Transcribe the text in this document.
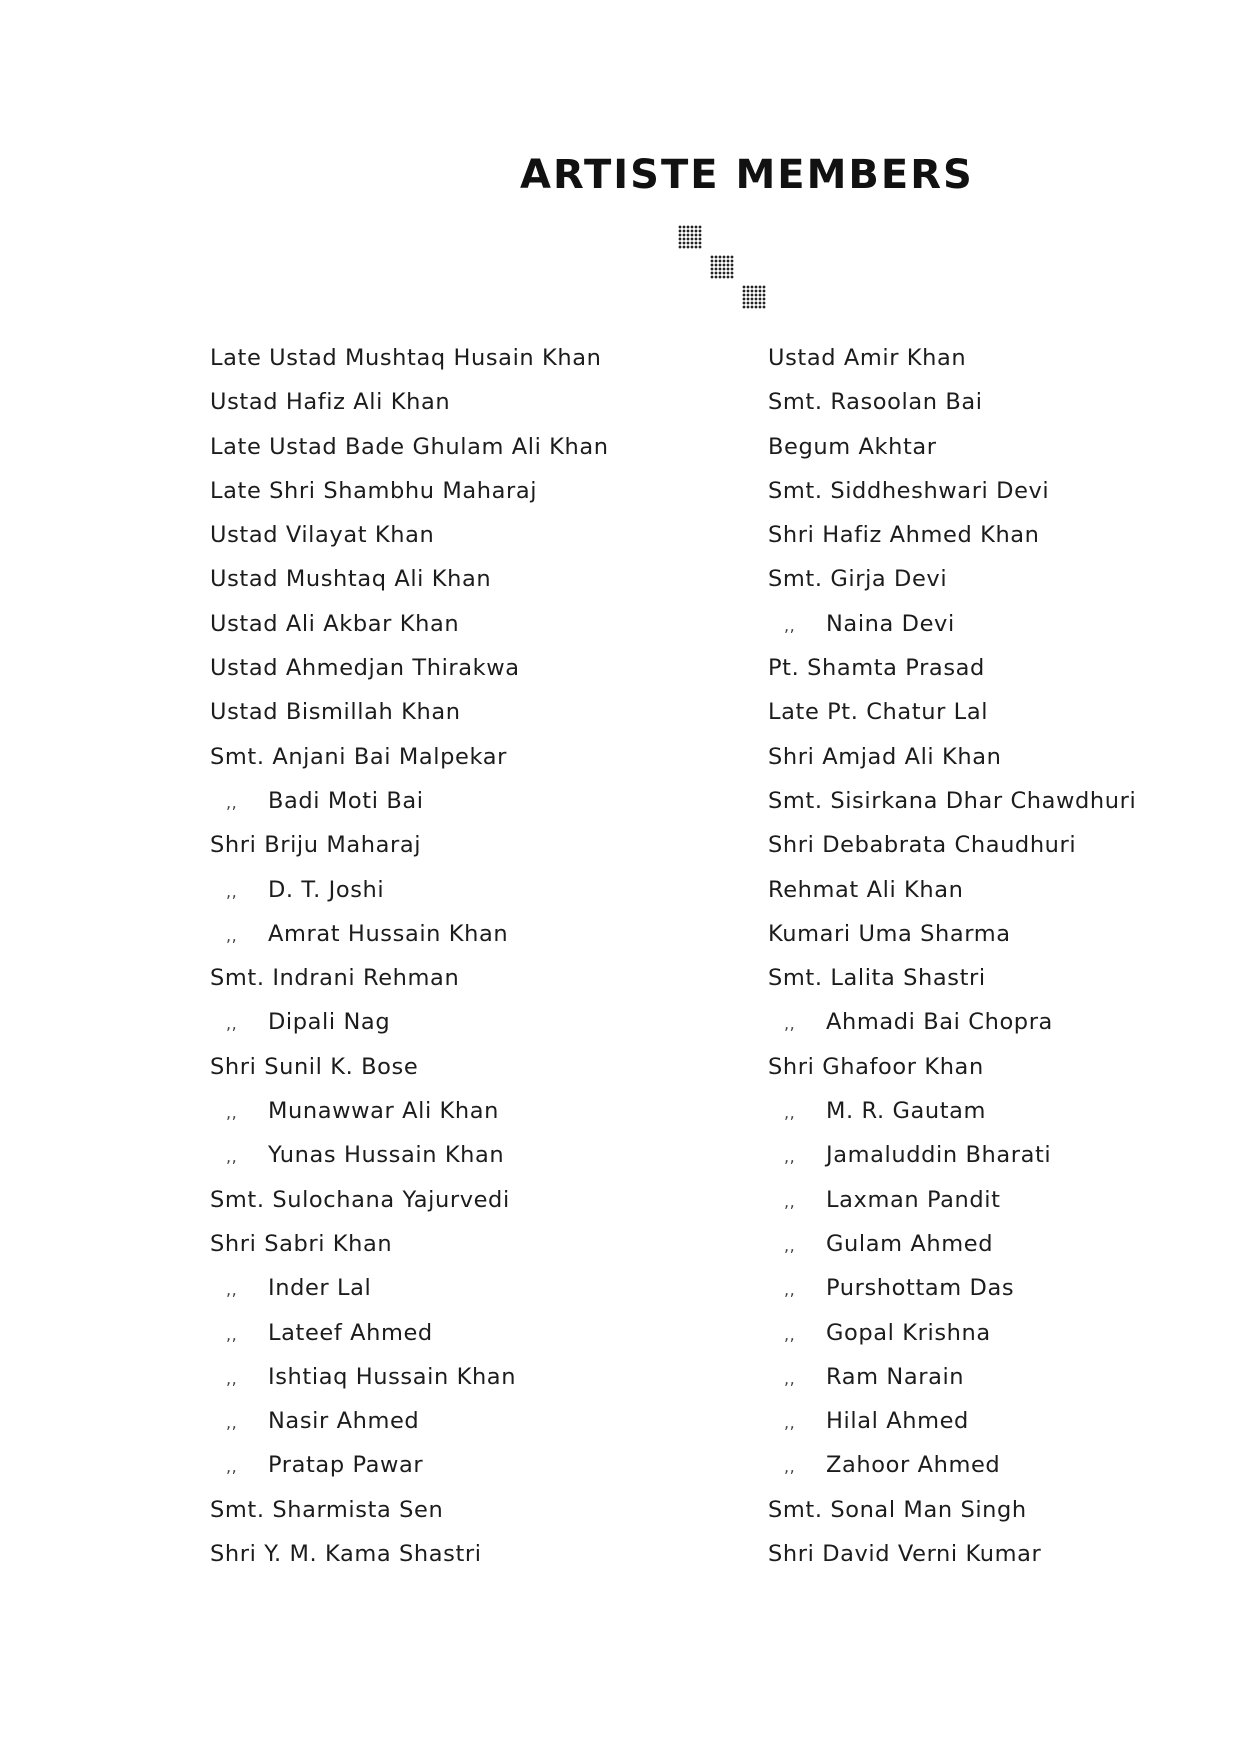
ARTISTE MEMBERS
Late Ustad Mushtaq Husain Khan
Ustad Hafiz Ali Khan
Late Ustad Bade Ghulam Ali Khan
Late Shri Shambhu Maharaj
Ustad Vilayat Khan
Ustad Mushtaq Ali Khan
Ustad Ali Akbar Khan
Ustad Ahmedjan Thirakwa
Ustad Bismillah Khan
Smt. Anjani Bai Malpekar
,, Badi Moti Bai
Shri Briju Maharaj
,, D. T. Joshi
,, Amrat Hussain Khan
Smt. Indrani Rehman
,, Dipali Nag
Shri Sunil K. Bose
,, Munawwar Ali Khan
,, Yunas Hussain Khan
Smt. Sulochana Yajurvedi
Shri Sabri Khan
,, Inder Lal
,, Lateef Ahmed
,, Ishtiaq Hussain Khan
,, Nasir Ahmed
,, Pratap Pawar
Smt. Sharmista Sen
Shri Y. M. Kama Shastri
Ustad Amir Khan
Smt. Rasoolan Bai
Begum Akhtar
Smt. Siddheshwari Devi
Shri Hafiz Ahmed Khan
Smt. Girja Devi
,, Naina Devi
Pt. Shamta Prasad
Late Pt. Chatur Lal
Shri Amjad Ali Khan
Smt. Sisirkana Dhar Chawdhuri
Shri Debabrata Chaudhuri
Rehmat Ali Khan
Kumari Uma Sharma
Smt. Lalita Shastri
,, Ahmadi Bai Chopra
Shri Ghafoor Khan
,, M. R. Gautam
,, Jamaluddin Bharati
,, Laxman Pandit
,, Gulam Ahmed
,, Purshottam Das
,, Gopal Krishna
,, Ram Narain
,, Hilal Ahmed
,, Zahoor Ahmed
Smt. Sonal Man Singh
Shri David Verni Kumar
